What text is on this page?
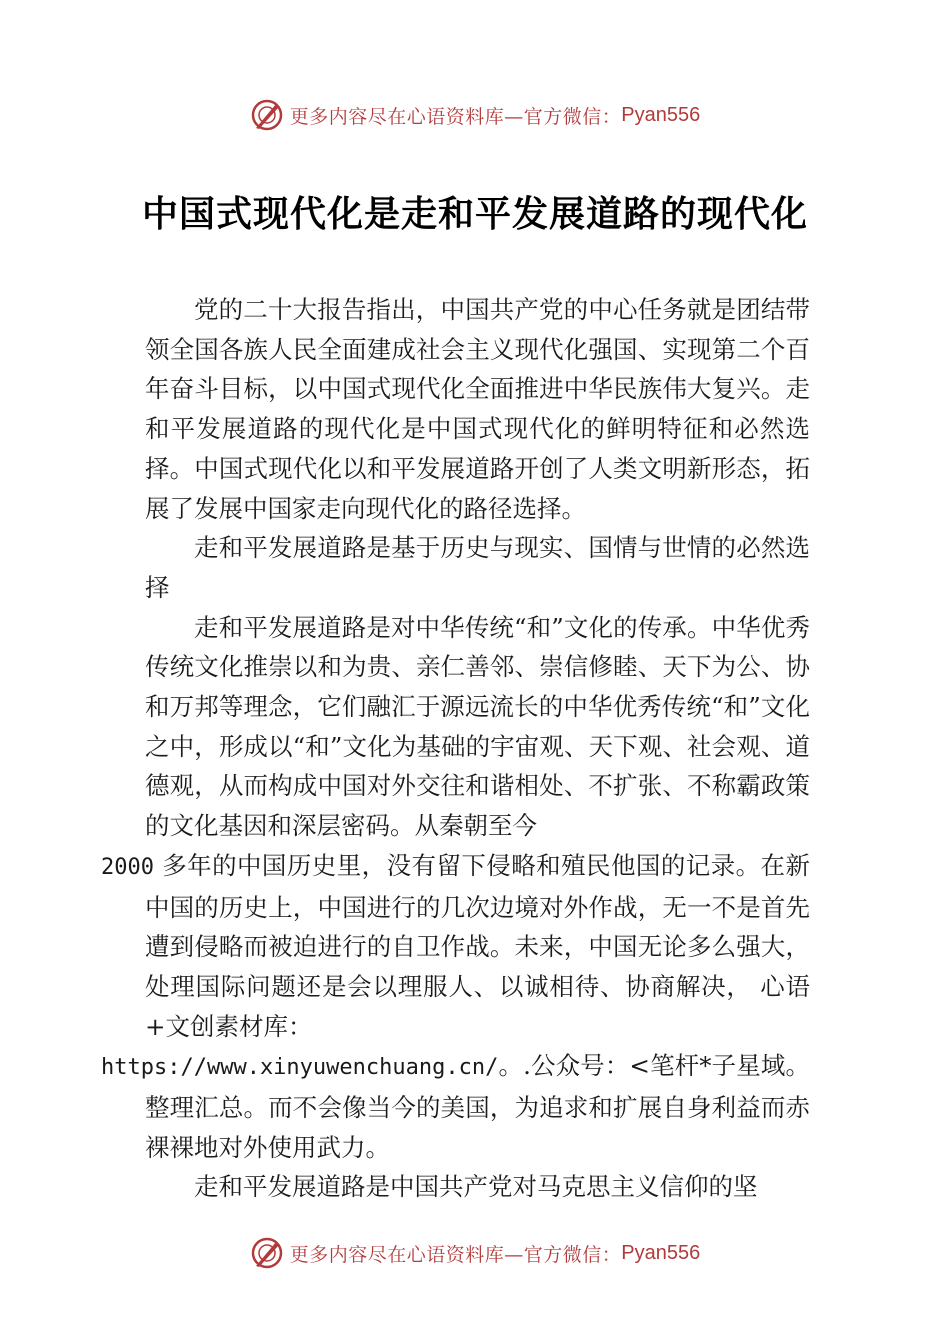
更多内容尽在心语资料库—官方微信： Pyan556
中国式现代化是走和平发展道路的现代化

党的二十大报告指出，中国共产党的中心任务就是团结带领全国各族人民全面建成社会主义现代化强国、实现第二个百年奋斗目标，以中国式现代化全面推进中华民族伟大复兴。走和平发展道路的现代化是中国式现代化的鲜明特征和必然选择。中国式现代化以和平发展道路开创了人类文明新形态，拓展了发展中国家走向现代化的路径选择。

走和平发展道路是基于历史与现实、国情与世情的必然选择

走和平发展道路是对中华传统“和”文化的传承。中华优秀传统文化推崇以和为贵、亲仁善邻、崇信修睦、天下为公、协和万邦等理念，它们融汇于源远流长的中华优秀传统“和”文化之中，形成以“和”文化为基础的宇宙观、天下观、社会观、道德观，从而构成中国对外交往和谐相处、不扩张、不称霸政策的文化基因和深层密码。从秦朝至今
2000 多年的中国历史里，没有留下侵略和殖民他国的记录。在新中国的历史上，中国进行的几次边境对外作战，无一不是首先遭到侵略而被迫进行的自卫作战。未来，中国无论多么强大，处理国际问题还是会以理服人、以诚相待、协商解决， 心语+文创素材库：
https://www.xinyuwenchuang.cn/。.公众号：<笔杆*子星域。整理汇总。而不会像当今的美国，为追求和扩展自身利益而赤裸裸地对外使用武力。

走和平发展道路是中国共产党对马克思主义信仰的坚

更多内容尽在心语资料库—官方微信： Pyan556
